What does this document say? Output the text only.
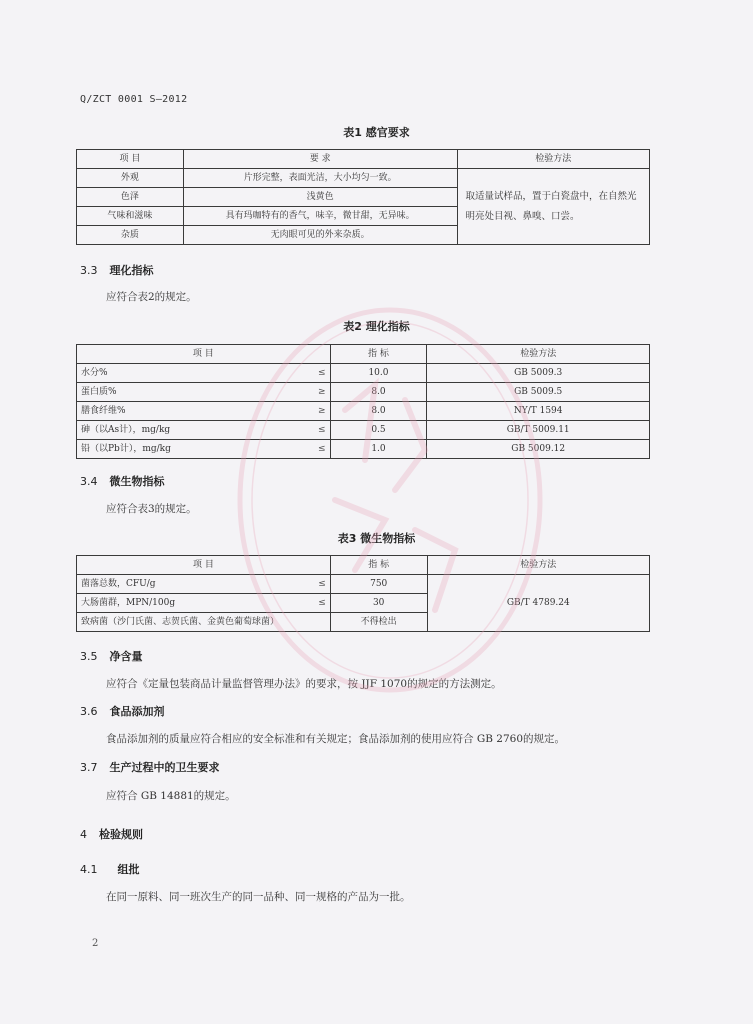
Q/ZCT 0001 S—2012
表1 感官要求
项 目	要 求	检验方法
外观	片形完整，表面光洁，大小均匀一致。	取适量试样品，置于白瓷盘中，在自然光明亮处目视、鼻嗅、口尝。
色泽	浅黄色	
气味和滋味	具有玛咖特有的香气，味辛，微甘甜，无异味。	
杂质	无肉眼可见的外来杂质。	
3.3 理化指标
应符合表2的规定。
表2 理化指标
项 目	指 标	检验方法
水分% ≤	10.0	GB 5009.3
蛋白质% ≥	8.0	GB 5009.5
膳食纤维% ≥	8.0	NY/T 1594
砷（以As计），mg/kg ≤	0.5	GB/T 5009.11
铅（以Pb计），mg/kg ≤	1.0	GB 5009.12
3.4 微生物指标
应符合表3的规定。
表3 微生物指标
项 目	指 标	检验方法
菌落总数，CFU/g ≤	750	GB/T 4789.24
大肠菌群，MPN/100g ≤	30	
致病菌（沙门氏菌、志贺氏菌、金黄色葡萄球菌）	不得检出	
3.5 净含量
应符合《定量包装商品计量监督管理办法》的要求，按 JJF 1070的规定的方法测定。
3.6 食品添加剂
食品添加剂的质量应符合相应的安全标准和有关规定；食品添加剂的使用应符合 GB 2760的规定。
3.7 生产过程中的卫生要求
应符合 GB 14881的规定。
4 检验规则
4.1 组批
在同一原料、同一班次生产的同一品种、同一规格的产品为一批。
2
